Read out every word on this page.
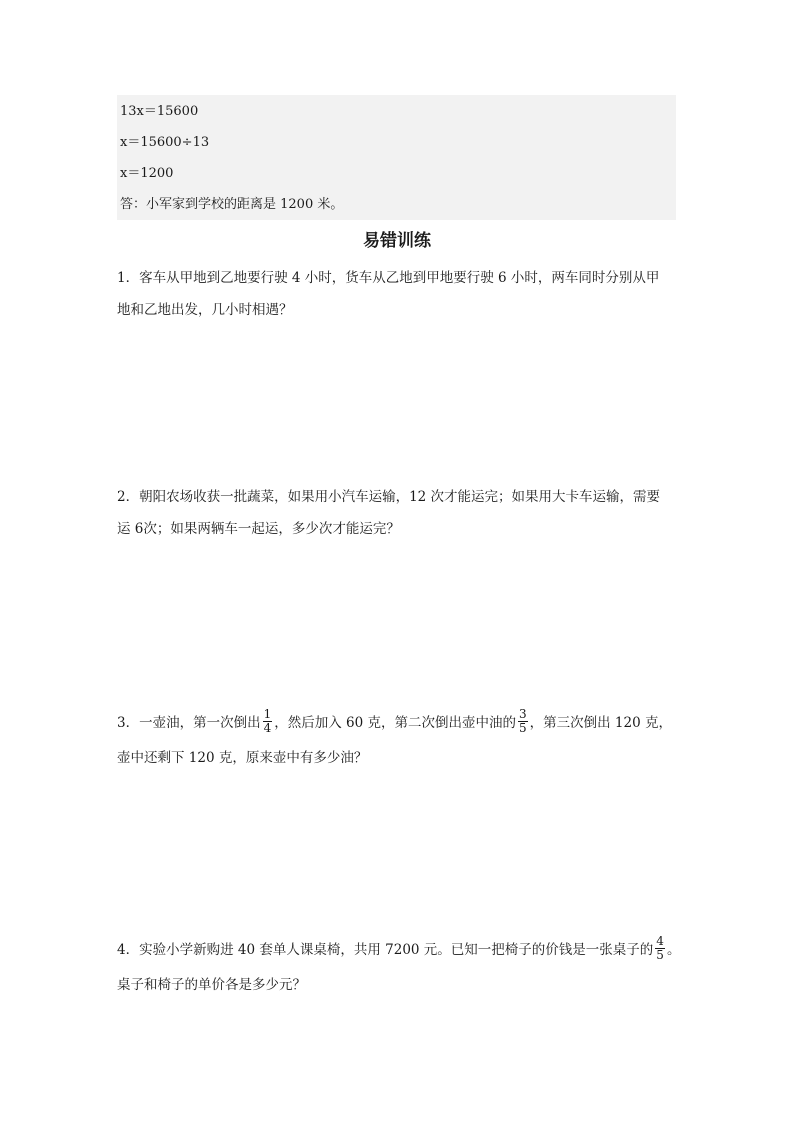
13x＝15600
x＝15600÷13
x＝1200
答：小军家到学校的距离是 1200 米。
易错训练
1．客车从甲地到乙地要行驶 4 小时，货车从乙地到甲地要行驶 6 小时，两车同时分别从甲
地和乙地出发，几小时相遇？
2．朝阳农场收获一批蔬菜，如果用小汽车运输，12 次才能运完；如果用大卡车运输，需要
运 6次；如果两辆车一起运，多少次才能运完？
3．一壶油，第一次倒出 $\frac{1}{4}$ ，然后加入 60 克，第二次倒出壶中油的 $\frac{3}{5}$ ，第三次倒出 120 克，
壶中还剩下 120 克，原来壶中有多少油？
4．实验小学新购进 40 套单人课桌椅，共用 7200 元。已知一把椅子的价钱是一张桌子的 $\frac{4}{5}$ 。
桌子和椅子的单价各是多少元？
